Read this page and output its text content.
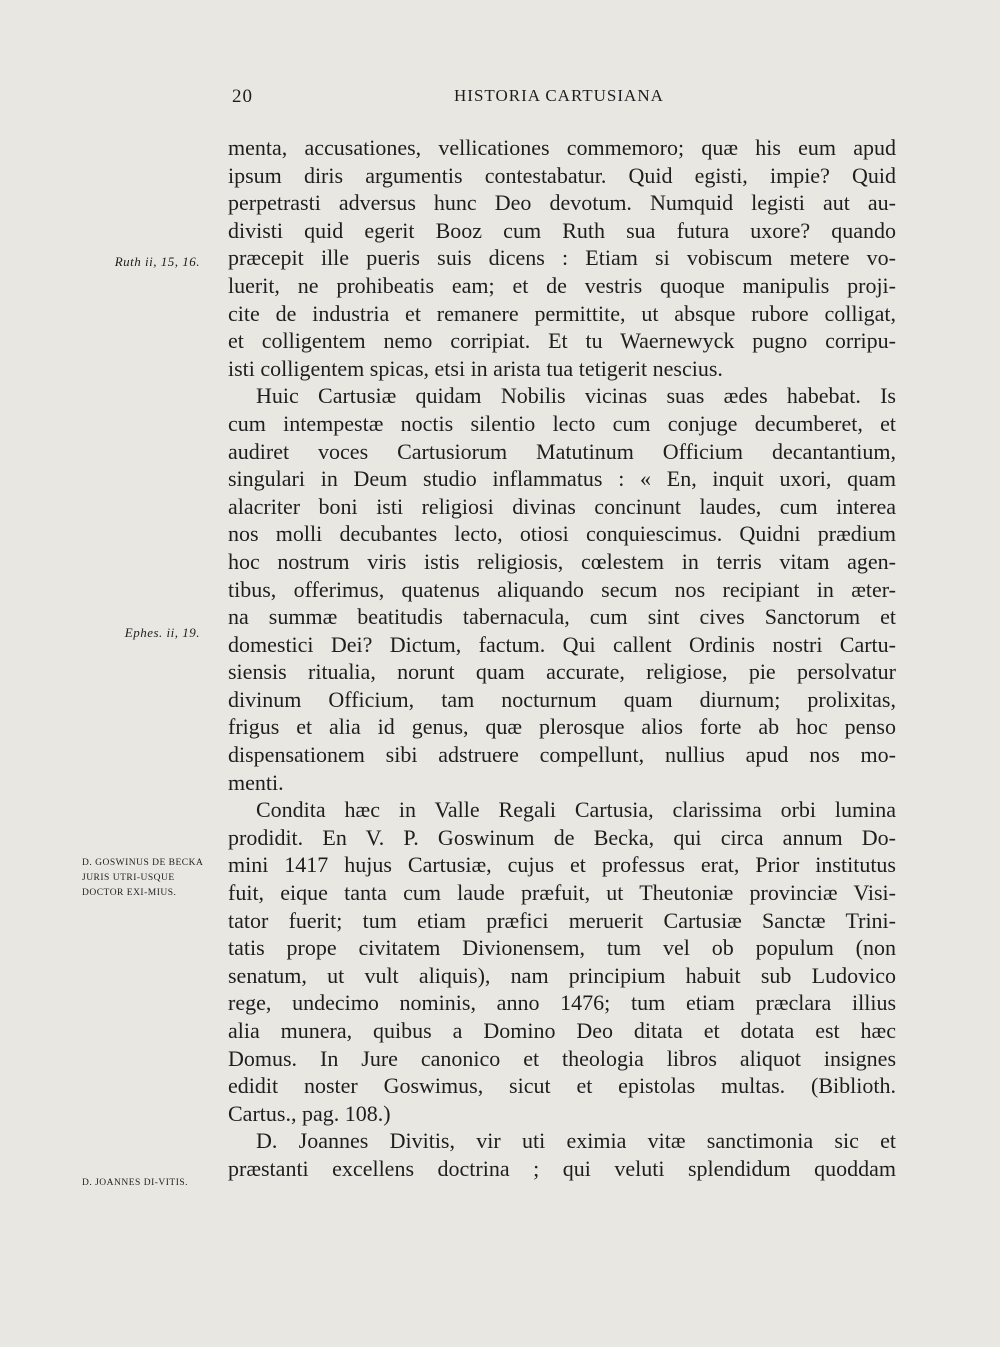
20	HISTORIA CARTUSIANA
Ruth ii, 15, 16.
Ephes. ii, 19.
D. GOSWINUS DE BECKA JURIS UTRI-USQUE DOCTOR EXI-MIUS.
D. JOANNES DI-VITIS.
menta, accusationes, vellicationes commemoro; quæ his eum apud
ipsum diris argumentis contestabatur. Quid egisti, impie? Quid
perpetrasti adversus hunc Deo devotum. Numquid legisti aut au-
divisti quid egerit Booz cum Ruth sua futura uxore? quando
præcepit ille pueris suis dicens : Etiam si vobiscum metere vo-
luerit, ne prohibeatis eam; et de vestris quoque manipulis proji-
cite de industria et remanere permittite, ut absque rubore colligat,
et colligentem nemo corripiat. Et tu Waernewyck pugno corripu-
isti colligentem spicas, etsi in arista tua tetigerit nescius.
Huic Cartusiæ quidam Nobilis vicinas suas ædes habebat. Is
cum intempestæ noctis silentio lecto cum conjuge decumberet, et
audiret voces Cartusiorum Matutinum Officium decantantium,
singulari in Deum studio inflammatus : « En, inquit uxori, quam
alacriter boni isti religiosi divinas concinunt laudes, cum interea
nos molli decubantes lecto, otiosi conquiescimus. Quidni prædium
hoc nostrum viris istis religiosis, cœlestem in terris vitam agen-
tibus, offerimus, quatenus aliquando secum nos recipiant in æter-
na summæ beatitudis tabernacula, cum sint cives Sanctorum et
domestici Dei? Dictum, factum. Qui callent Ordinis nostri Cartu-
siensis ritualia, norunt quam accurate, religiose, pie persolvatur
divinum Officium, tam nocturnum quam diurnum; prolixitas,
frigus et alia id genus, quæ plerosque alios forte ab hoc penso
dispensationem sibi adstruere compellunt, nullius apud nos mo-
menti.
Condita hæc in Valle Regali Cartusia, clarissima orbi lumina
prodidit. En V. P. Goswinum de Becka, qui circa annum Do-
mini 1417 hujus Cartusiæ, cujus et professus erat, Prior institutus
fuit, eique tanta cum laude præfuit, ut Theutoniæ provinciæ Visi-
tator fuerit; tum etiam præfici meruerit Cartusiæ Sanctæ Trini-
tatis prope civitatem Divionensem, tum vel ob populum (non
senatum, ut vult aliquis), nam principium habuit sub Ludovico
rege, undecimo nominis, anno 1476; tum etiam præclara illius
alia munera, quibus a Domino Deo ditata et dotata est hæc
Domus. In Jure canonico et theologia libros aliquot insignes
edidit noster Goswimus, sicut et epistolas multas. (Biblioth.
Cartus., pag. 108.)
D. Joannes Divitis, vir uti eximia vitæ sanctimonia sic et
præstanti excellens doctrina ; qui veluti splendidum quoddam
